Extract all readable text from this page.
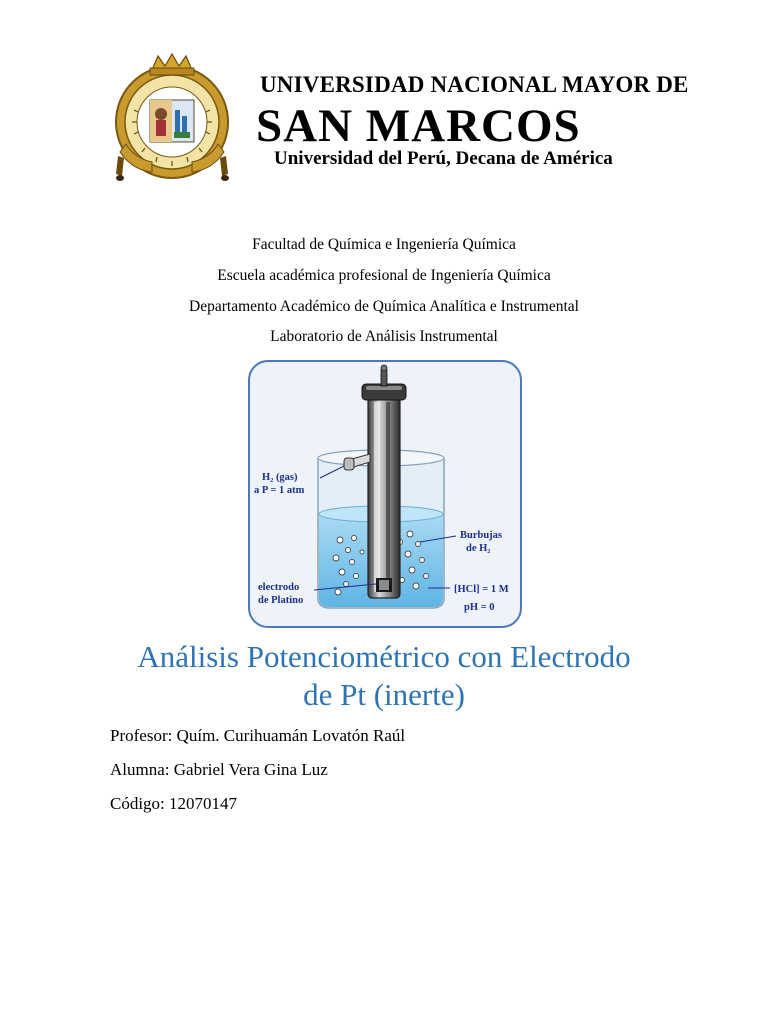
UNIVERSIDAD NACIONAL MAYOR DE
SAN MARCOS
Universidad del Perú, Decana de América
Facultad de Química e Ingeniería Química
Escuela académica profesional de Ingeniería Química
Departamento Académico de Química Analítica e Instrumental
Laboratorio de Análisis Instrumental
H₂ (gas)
a P = 1 atm
Burbujas
de H₂
electrodo
de Platino
[HCl] = 1 M
pH = 0
Análisis Potenciométrico con Electrodo
de Pt (inerte)
Profesor: Quím. Curihuamán Lovatón Raúl
Alumna: Gabriel Vera Gina Luz
Código: 12070147
